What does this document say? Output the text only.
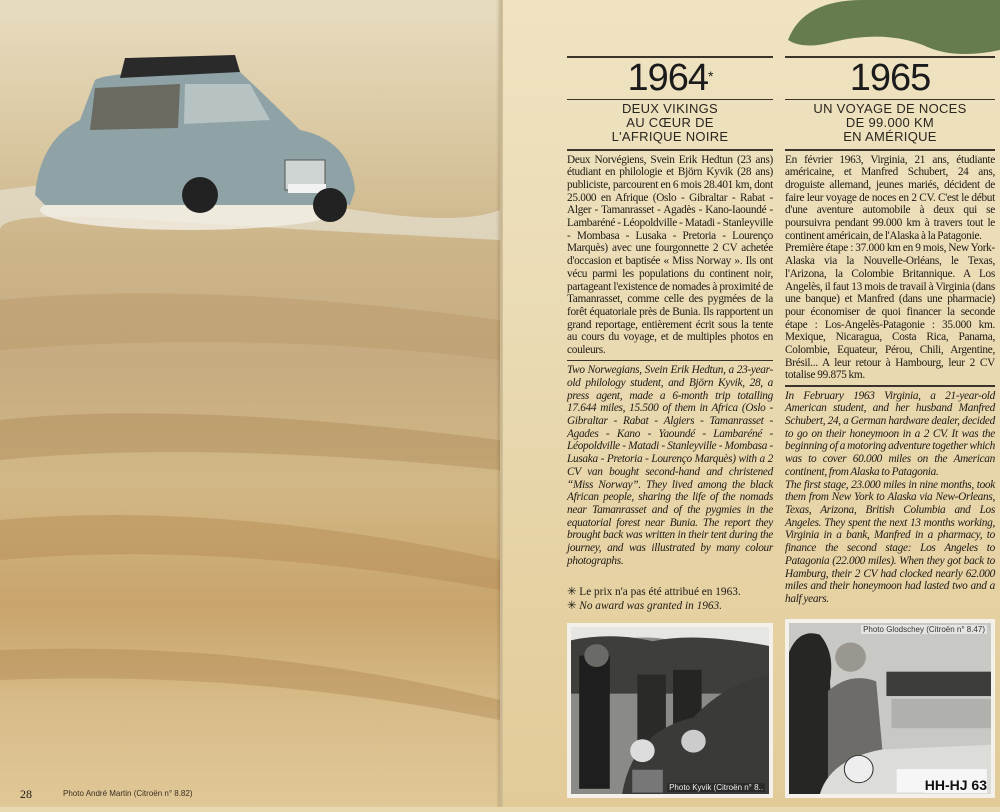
28	Photo André Martin (Citroën n° 8.82)
1964*
DEUX VIKINGS
AU CŒUR DE
L'AFRIQUE NOIRE
Deux Norvégiens, Svein Erik Hedtun (23 ans) étudiant en philologie et Björn Kyvik (28 ans) publiciste, parcourent en 6 mois 28.401 km, dont 25.000 en Afrique (Oslo - Gibraltar - Rabat - Alger - Tamanrasset - Agadès - Kano-Iaoundé - Lambaréné - Léopoldville - Matadi - Stanleyville - Mombasa - Lusaka - Pretoria - Lourenço Marquès) avec une fourgonnette 2 CV achetée d'occasion et baptisée « Miss Norway ». Ils ont vécu parmi les populations du continent noir, partageant l'existence de nomades à proximité de Tamanrasset, comme celle des pygmées de la forêt équatoriale près de Bunia. Ils rapportent un grand reportage, entièrement écrit sous la tente au cours du voyage, et de multiples photos en couleurs.
Two Norwegians, Svein Erik Hedtun, a 23-year-old philology student, and Björn Kyvik, 28, a press agent, made a 6-month trip totalling 17.644 miles, 15.500 of them in Africa (Oslo - Gibraltar - Rabat - Algiers - Tamanrasset - Agades - Kano - Yaoundé - Lambaréné - Léopoldville - Matadi - Stanleyville - Mombasa - Lusaka - Pretoria - Lourenço Marquès) with a 2 CV van bought second-hand and christened “Miss Norway”. They lived among the black African people, sharing the life of the nomads near Tamanrasset and of the pygmies in the equatorial forest near Bunia. The report they brought back was written in their tent during the journey, and was illustrated by many colour photographs.
✳ Le prix n'a pas été attribué en 1963.
✳ No award was granted in 1963.
Photo Kyvik (Citroën n° 8..
1965
UN VOYAGE DE NOCES
DE 99.000 KM
EN AMÉRIQUE

En février 1963, Virginia, 21 ans, étudiante américaine, et Manfred Schubert, 24 ans, droguiste allemand, jeunes mariés, décident de faire leur voyage de noces en 2 CV. C'est le début d'une aventure automobile à deux qui se poursuivra pendant 99.000 km à travers tout le continent américain, de l'Alaska à la Patagonie.

Première étape : 37.000 km en 9 mois, New York-Alaska via la Nouvelle-Orléans, le Texas, l'Arizona, la Colombie Britannique. A Los Angelès, il faut 13 mois de travail à Virginia (dans une banque) et Manfred (dans une pharmacie) pour économiser de quoi financer la seconde étape : Los-Angelès-Patagonie : 35.000 km. Mexique, Nicaragua, Costa Rica, Panama, Colombie, Equateur, Pérou, Chili, Argentine, Brésil... A leur retour à Hambourg, leur 2 CV totalise 99.875 km.

In February 1963 Virginia, a 21-year-old American student, and her husband Manfred Schubert, 24, a German hardware dealer, decided to go on their honeymoon in a 2 CV. It was the beginning of a motoring adventure together which was to cover 60.000 miles on the American continent, from Alaska to Patagonia.

The first stage, 23.000 miles in nine months, took them from New York to Alaska via New-Orleans, Texas, Arizona, British Columbia and Los Angeles. They spent the next 13 months working, Virginia in a bank, Manfred in a pharmacy, to finance the second stage: Los Angeles to Patagonia (22.000 miles). When they got back to Hamburg, their 2 CV had clocked nearly 62.000 miles and their honeymoon had lasted two and a half years.

HH-HJ 63
Photo Glodschey (Citroën n° 8.47)
